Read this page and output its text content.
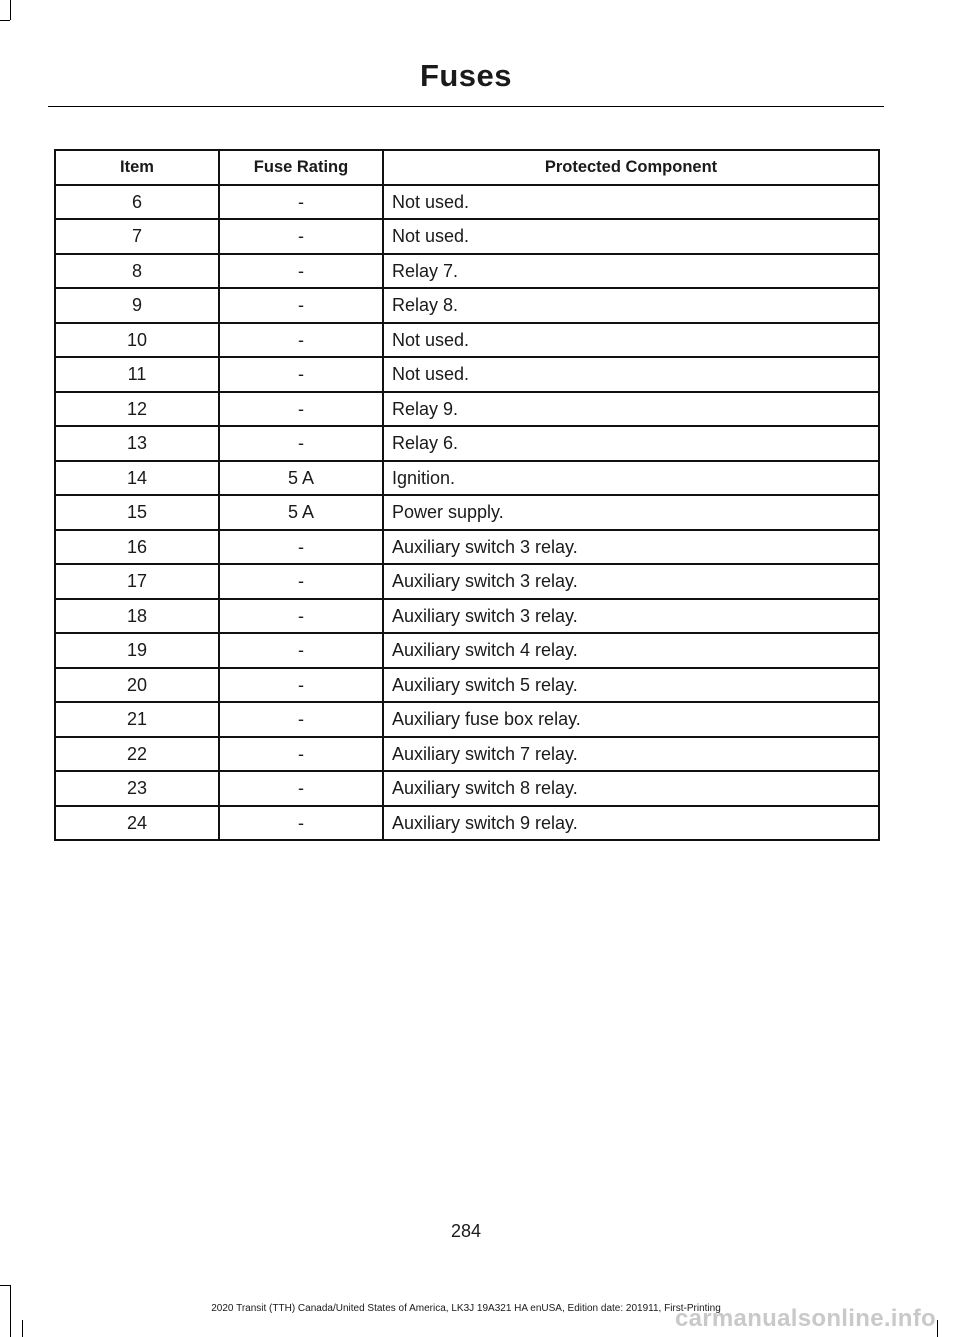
Fuses
Item	Fuse Rating	Protected Component
6	-	Not used.
7	-	Not used.
8	-	Relay 7.
9	-	Relay 8.
10	-	Not used.
11	-	Not used.
12	-	Relay 9.
13	-	Relay 6.
14	5 A	Ignition.
15	5 A	Power supply.
16	-	Auxiliary switch 3 relay.
17	-	Auxiliary switch 3 relay.
18	-	Auxiliary switch 3 relay.
19	-	Auxiliary switch 4 relay.
20	-	Auxiliary switch 5 relay.
21	-	Auxiliary fuse box relay.
22	-	Auxiliary switch 7 relay.
23	-	Auxiliary switch 8 relay.
24	-	Auxiliary switch 9 relay.
284
2020 Transit (TTH) Canada/United States of America, LK3J 19A321 HA enUSA, Edition date: 201911, First-Printing
carmanualsonline.info
